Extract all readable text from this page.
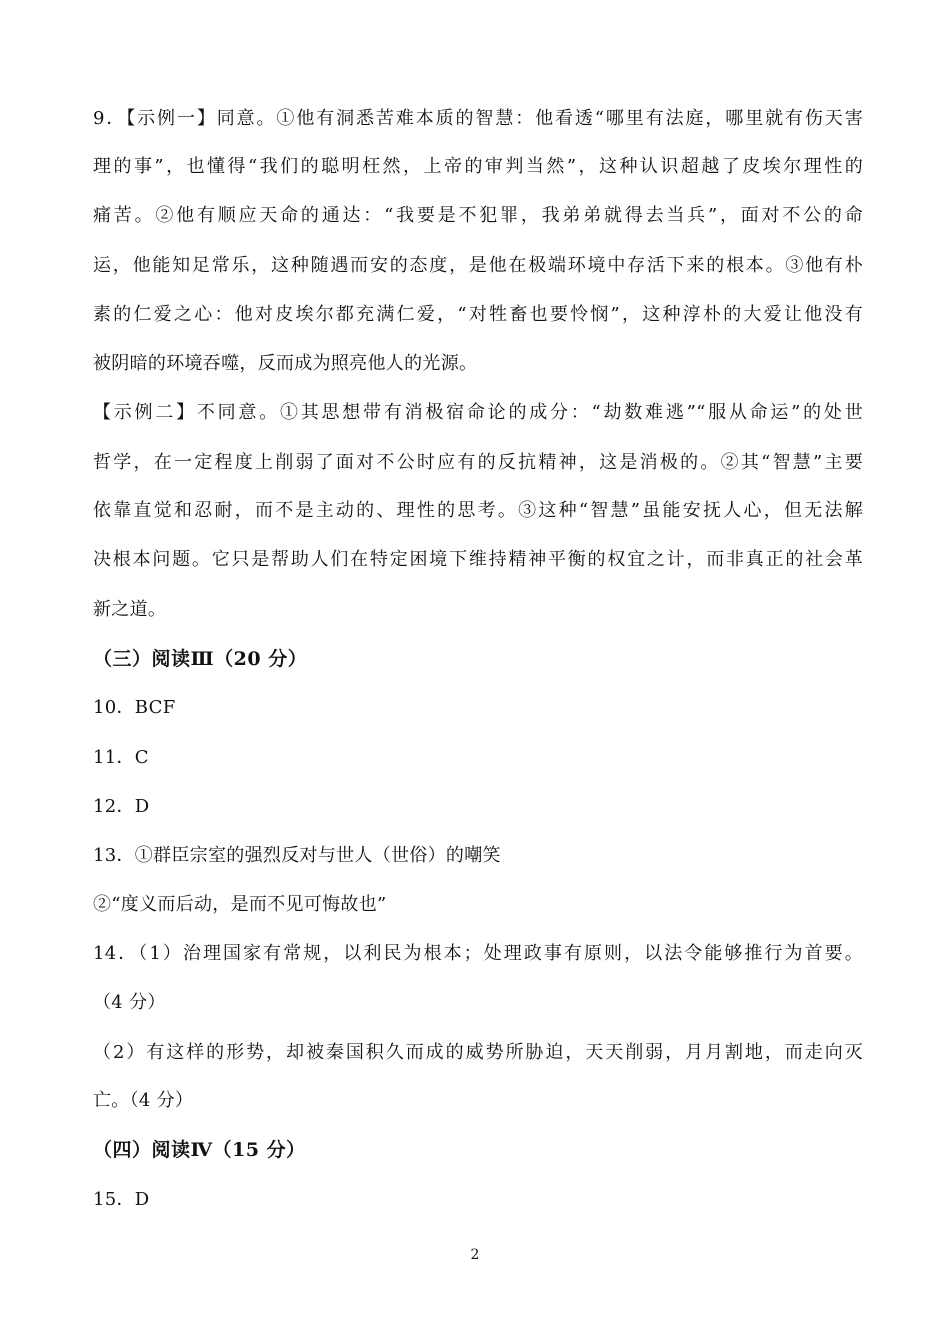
9．【示例一】同意。①他有洞悉苦难本质的智慧：他看透“哪里有法庭，哪里就有伤天害
理的事”，也懂得“我们的聪明枉然，上帝的审判当然”，这种认识超越了皮埃尔理性的
痛苦。②他有顺应天命的通达：“我要是不犯罪，我弟弟就得去当兵”，面对不公的命
运，他能知足常乐，这种随遇而安的态度，是他在极端环境中存活下来的根本。③他有朴
素的仁爱之心：他对皮埃尔都充满仁爱，“对牲畜也要怜悯”，这种淳朴的大爱让他没有
被阴暗的环境吞噬，反而成为照亮他人的光源。
【示例二】不同意。①其思想带有消极宿命论的成分：“劫数难逃”“服从命运”的处世
哲学，在一定程度上削弱了面对不公时应有的反抗精神，这是消极的。②其“智慧”主要
依靠直觉和忍耐，而不是主动的、理性的思考。③这种“智慧”虽能安抚人心，但无法解
决根本问题。它只是帮助人们在特定困境下维持精神平衡的权宜之计，而非真正的社会革
新之道。
（三）阅读Ⅲ（20 分）
10．BCF
11．C
12．D
13．①群臣宗室的强烈反对与世人（世俗）的嘲笑
②“度义而后动，是而不见可悔故也”
14．（1）治理国家有常规，以利民为根本；处理政事有原则，以法令能够推行为首要。
（4 分）
（2）有这样的形势，却被秦国积久而成的威势所胁迫，天天削弱，月月割地，而走向灭
亡。（4 分）
（四）阅读Ⅳ（15 分）
15．D
2
